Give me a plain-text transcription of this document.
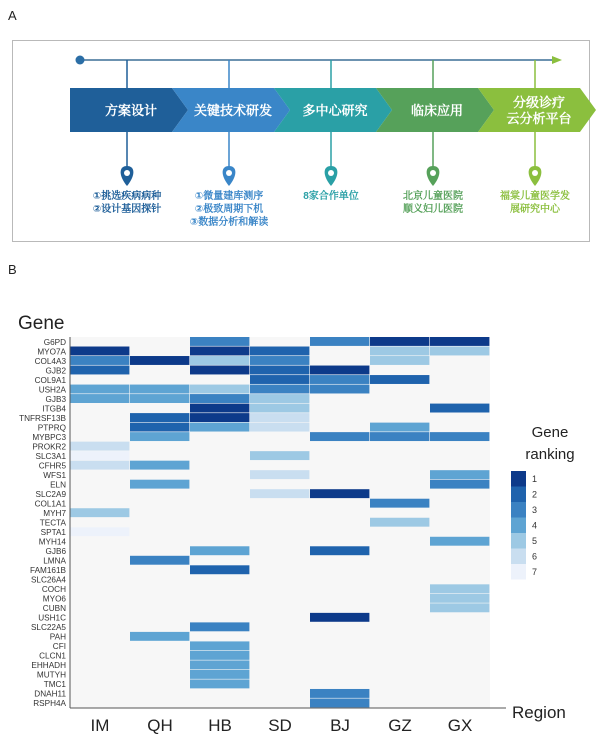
A
B
方案设计
①挑选疾病病种
②设计基因探针
关键技术研发
①微量建库测序
②极致周期下机
③数据分析和解读
多中心研究
8家合作单位
临床应用
北京儿童医院
顺义妇儿医院
分级诊疗
云分析平台
福棠儿童医学发
展研究中心
G6PD
MYO7A
COL4A3
GJB2
COL9A1
USH2A
GJB3
ITGB4
TNFRSF13B
PTPRQ
MYBPC3
PROKR2
SLC3A1
CFHR5
WFS1
ELN
SLC2A9
COL1A1
MYH7
TECTA
SPTA1
MYH14
GJB6
LMNA
FAM161B
SLC26A4
COCH
MYO6
CUBN
USH1C
SLC22A5
PAH
CFI
CLCN1
EHHADH
MUTYH
TMC1
DNAH11
RSPH4A
IM QH HB SD BJ GZ GX
Gene
Region
Gene
ranking
1
2
3
4
5
6
7
